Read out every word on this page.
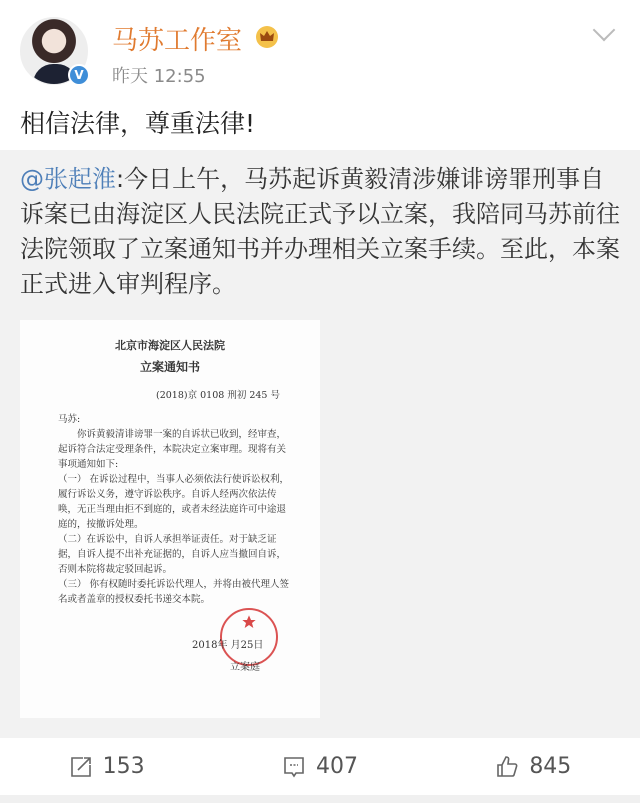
V
马苏工作室
昨天 12:55
相信法律，尊重法律!
@张起淮:今日上午，马苏起诉黄毅清涉嫌诽谤罪刑事自诉案已由海淀区人民法院正式予以立案，我陪同马苏前往法院领取了立案通知书并办理相关立案手续。至此，本案正式进入审判程序。
北京市海淀区人民法院
立案通知书
(2018)京 0108 刑初 245 号

马苏:

你诉黄毅清诽谤罪一案的自诉状已收到，经审查，起诉符合法定受理条件，本院决定立案审理。现将有关事项通知如下:

（一） 在诉讼过程中，当事人必须依法行使诉讼权利，履行诉讼义务，遵守诉讼秩序。自诉人经两次依法传唤，无正当理由拒不到庭的，或者未经法庭许可中途退庭的，按撤诉处理。

（二）在诉讼中，自诉人承担举证责任。对于缺乏证据，自诉人提不出补充证据的，自诉人应当撤回自诉，否则本院将裁定驳回起诉。

（三） 你有权随时委托诉讼代理人，并将由被代理人签名或者盖章的授权委托书递交本院。

2018年 月25日
立案庭
153	407	845
